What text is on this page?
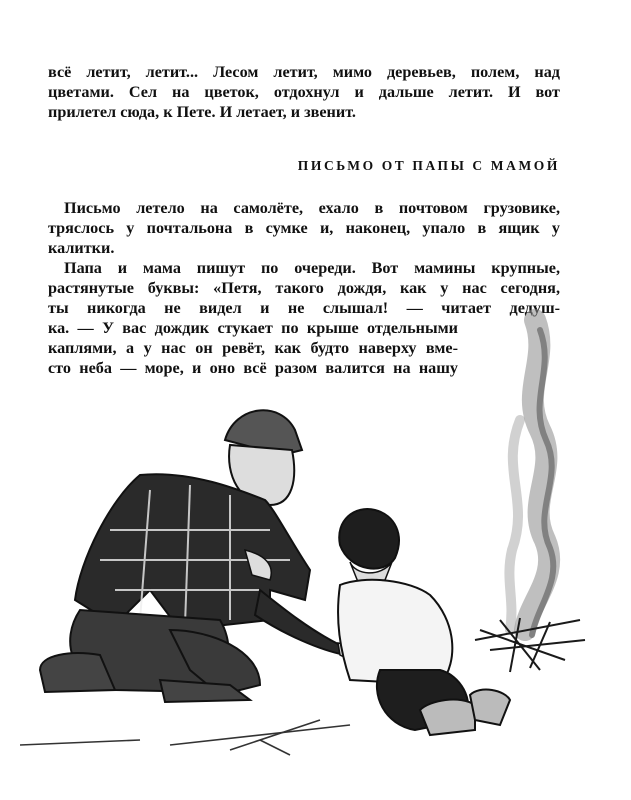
всё летит, летит... Лесом летит, мимо деревьев, полем, над
цветами. Сел на цветок, отдохнул и дальше летит. И вот
прилетел сюда, к Пете. И летает, и звенит.
ПИСЬМО ОТ ПАПЫ С МАМОЙ
Письмо летело на самолёте, ехало в почтовом грузовике,
тряслось у почтальона в сумке и, наконец, упало в ящик у
калитки.
Папа и мама пишут по очереди. Вот мамины крупные,
растянутые буквы: «Петя, такого дождя, как у нас сегодня,
ты никогда не видел и не слышал! — читает дедуш-
ка. — У вас дождик стукает по крыше отдельными
каплями, а у нас он ревёт, как будто наверху вме-
сто неба — море, и оно всё разом валится на нашу
